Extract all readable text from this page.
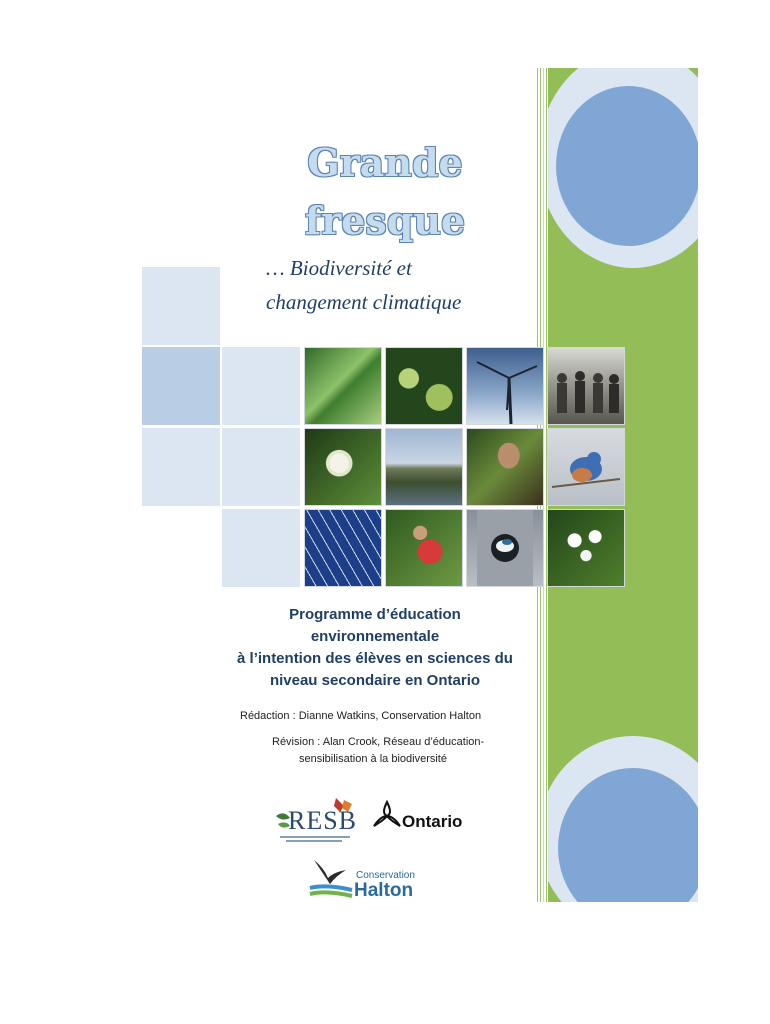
Grande
fresque
… Biodiversité et
changement climatique
Programme d’éducation
environnementale
à l’intention des élèves en sciences du
niveau secondaire en Ontario
Rédaction : Dianne Watkins, Conservation Halton
Révision : Alan Crook, Réseau d’éducation-
sensibilisation à la biodiversité
RESB	Ontario
Conservation
Halton
